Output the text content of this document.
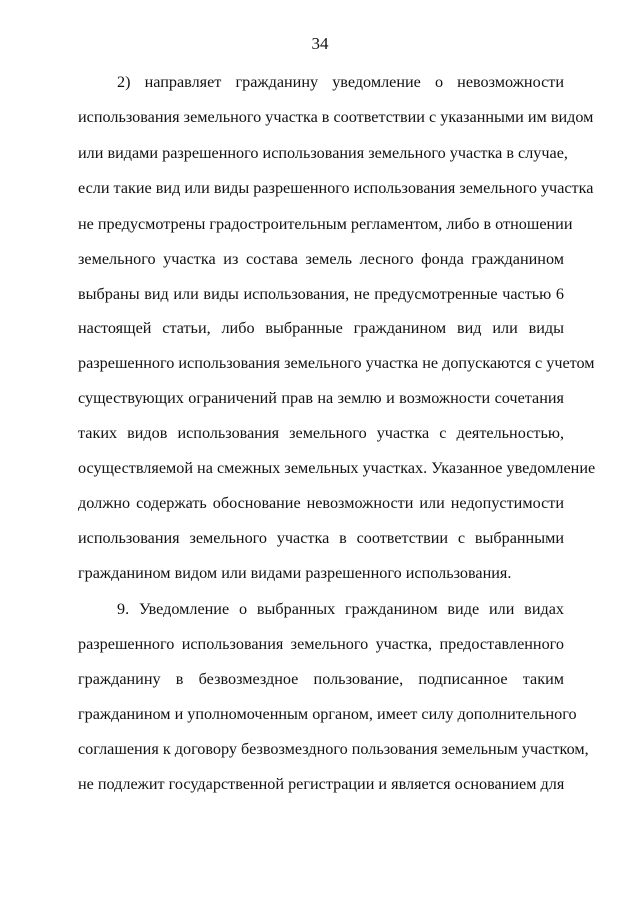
34
2) направляет гражданину уведомление о невозможности
использования земельного участка в соответствии с указанными им видом
или видами разрешенного использования земельного участка в случае,
если такие вид или виды разрешенного использования земельного участка
не предусмотрены градостроительным регламентом, либо в отношении
земельного участка из состава земель лесного фонда гражданином
выбраны вид или виды использования, не предусмотренные частью 6
настоящей статьи, либо выбранные гражданином вид или виды
разрешенного использования земельного участка не допускаются с учетом
существующих ограничений прав на землю и возможности сочетания
таких видов использования земельного участка с деятельностью,
осуществляемой на смежных земельных участках. Указанное уведомление
должно содержать обоснование невозможности или недопустимости
использования земельного участка в соответствии с выбранными
гражданином видом или видами разрешенного использования.
9. Уведомление о выбранных гражданином виде или видах
разрешенного использования земельного участка, предоставленного
гражданину в безвозмездное пользование, подписанное таким
гражданином и уполномоченным органом, имеет силу дополнительного
соглашения к договору безвозмездного пользования земельным участком,
не подлежит государственной регистрации и является основанием для
